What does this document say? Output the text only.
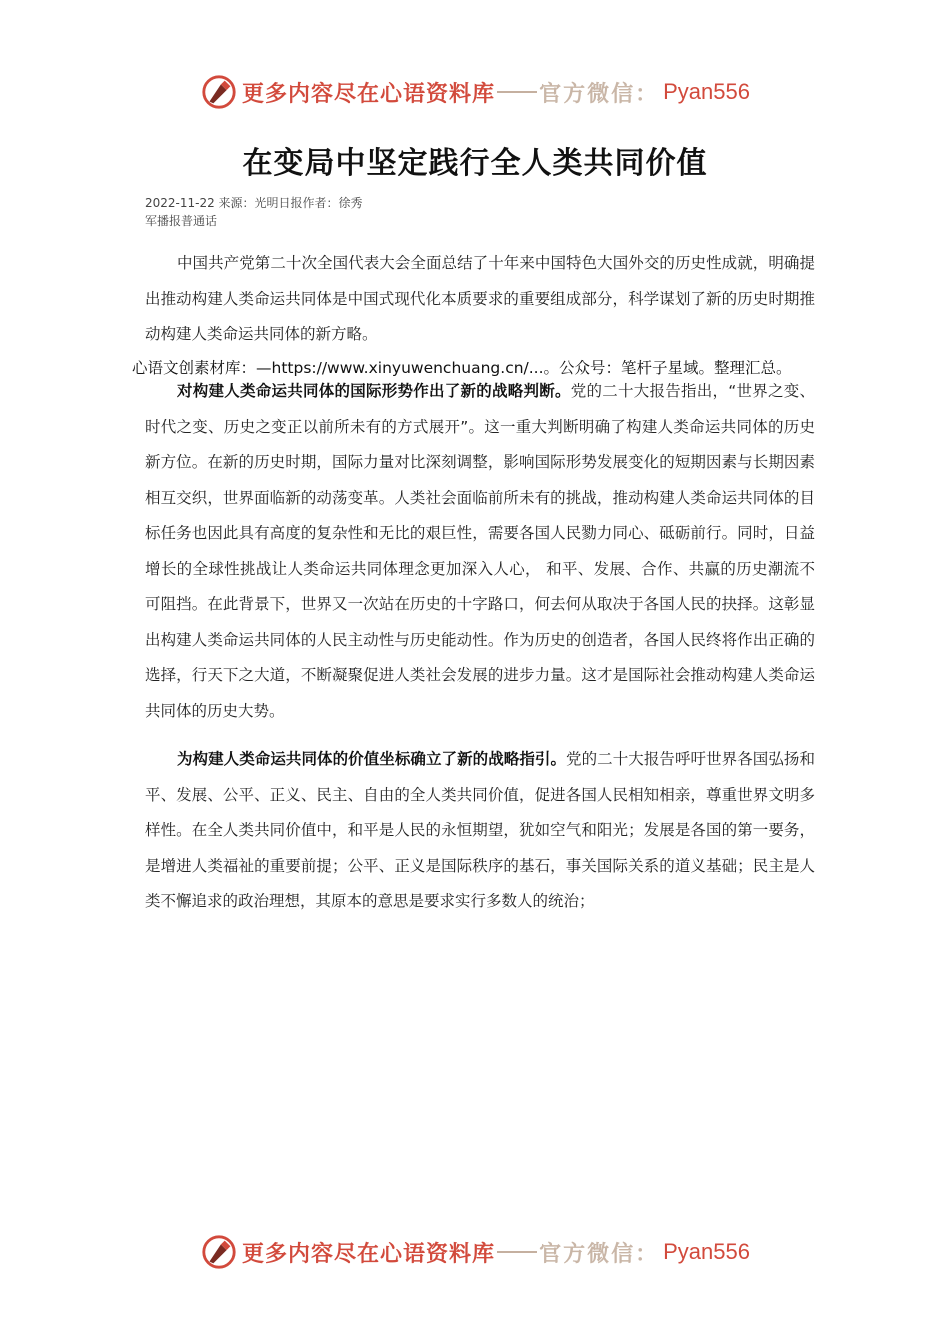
更多内容尽在心语资料库 官方微信： Pyan556
在变局中坚定践行全人类共同价值
2022-11-22 来源：光明日报作者：徐秀
军播报普通话

中国共产党第二十次全国代表大会全面总结了十年来中国特色大国外交的历史性成就，明确提出推动构建人类命运共同体是中国式现代化本质要求的重要组成部分，科学谋划了新的历史时期推动构建人类命运共同体的新方略。

心语文创素材库：—https://www.xinyuwenchuang.cn/...。公众号：笔杆子星域。整理汇总。

对构建人类命运共同体的国际形势作出了新的战略判断。党的二十大报告指出，“世界之变、时代之变、历史之变正以前所未有的方式展开”。这一重大判断明确了构建人类命运共同体的历史新方位。在新的历史时期，国际力量对比深刻调整，影响国际形势发展变化的短期因素与长期因素相互交织，世界面临新的动荡变革。人类社会面临前所未有的挑战，推动构建人类命运共同体的目标任务也因此具有高度的复杂性和无比的艰巨性，需要各国人民勠力同心、砥砺前行。同时，日益增长的全球性挑战让人类命运共同体理念更加深入人心， 和平、发展、合作、共赢的历史潮流不可阻挡。在此背景下，世界又一次站在历史的十字路口，何去何从取决于各国人民的抉择。这彰显出构建人类命运共同体的人民主动性与历史能动性。作为历史的创造者，各国人民终将作出正确的选择，行天下之大道，不断凝聚促进人类社会发展的进步力量。这才是国际社会推动构建人类命运共同体的历史大势。

为构建人类命运共同体的价值坐标确立了新的战略指引。党的二十大报告呼吁世界各国弘扬和平、发展、公平、正义、民主、自由的全人类共同价值，促进各国人民相知相亲，尊重世界文明多样性。在全人类共同价值中，和平是人民的永恒期望，犹如空气和阳光；发展是各国的第一要务，是增进人类福祉的重要前提；公平、正义是国际秩序的基石，事关国际关系的道义基础；民主是人类不懈追求的政治理想，其原本的意思是要求实行多数人的统治；

更多内容尽在心语资料库 官方微信： Pyan556
